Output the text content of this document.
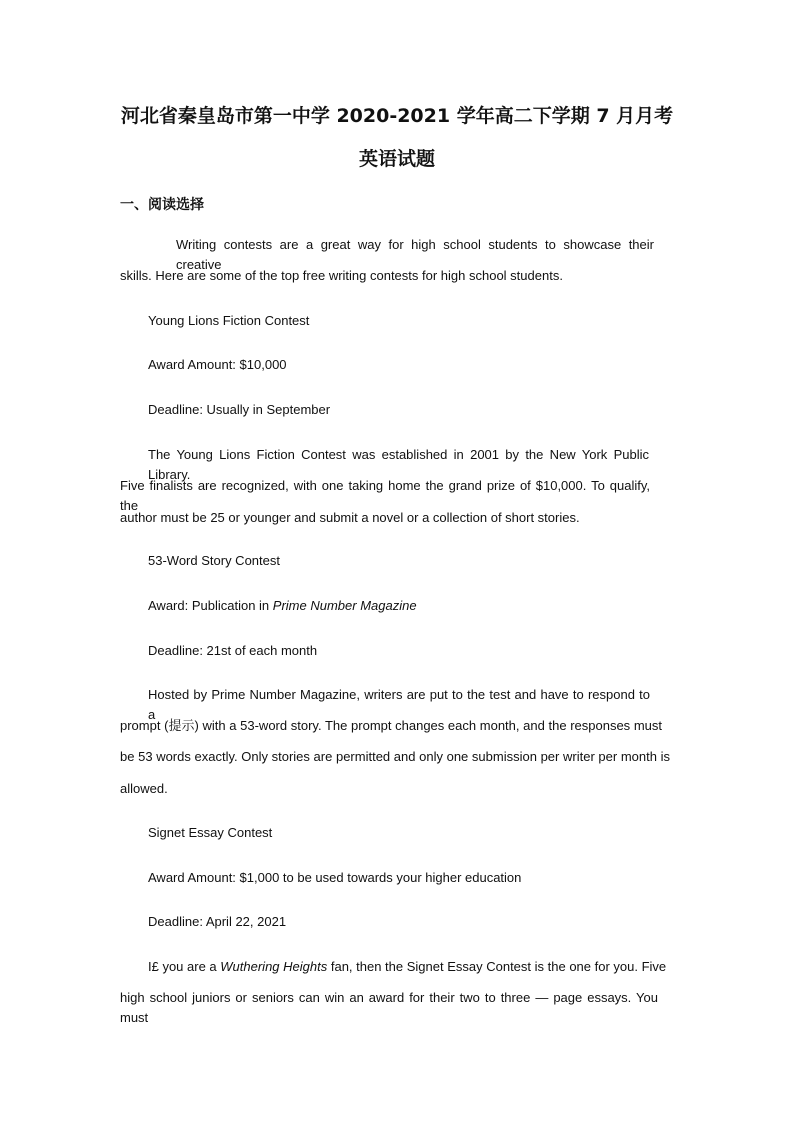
河北省秦皇岛市第一中学 2020-2021 学年高二下学期 7 月月考
英语试题
一、阅读选择
Writing contests are a great way for high school students to showcase their creative
skills. Here are some of the top free writing contests for high school students.
Young Lions Fiction Contest
Award Amount: $10,000
Deadline: Usually in September
The Young Lions Fiction Contest was established in 2001 by the New York Public Library.
Five finalists are recognized, with one taking home the grand prize of $10,000. To qualify, the
author must be 25 or younger and submit a novel or a collection of short stories.
53-Word Story Contest
Award: Publication in Prime Number Magazine
Deadline: 21st of each month
Hosted by Prime Number Magazine, writers are put to the test and have to respond to a
prompt (提示) with a 53-word story. The prompt changes each month, and the responses must
be 53 words exactly. Only stories are permitted and only one submission per writer per month is
allowed.
Signet Essay Contest
Award Amount: $1,000 to be used towards your higher education
Deadline: April 22, 2021
I£ you are a Wuthering Heights fan, then the Signet Essay Contest is the one for you. Five
high school juniors or seniors can win an award for their two to three — page essays. You must
